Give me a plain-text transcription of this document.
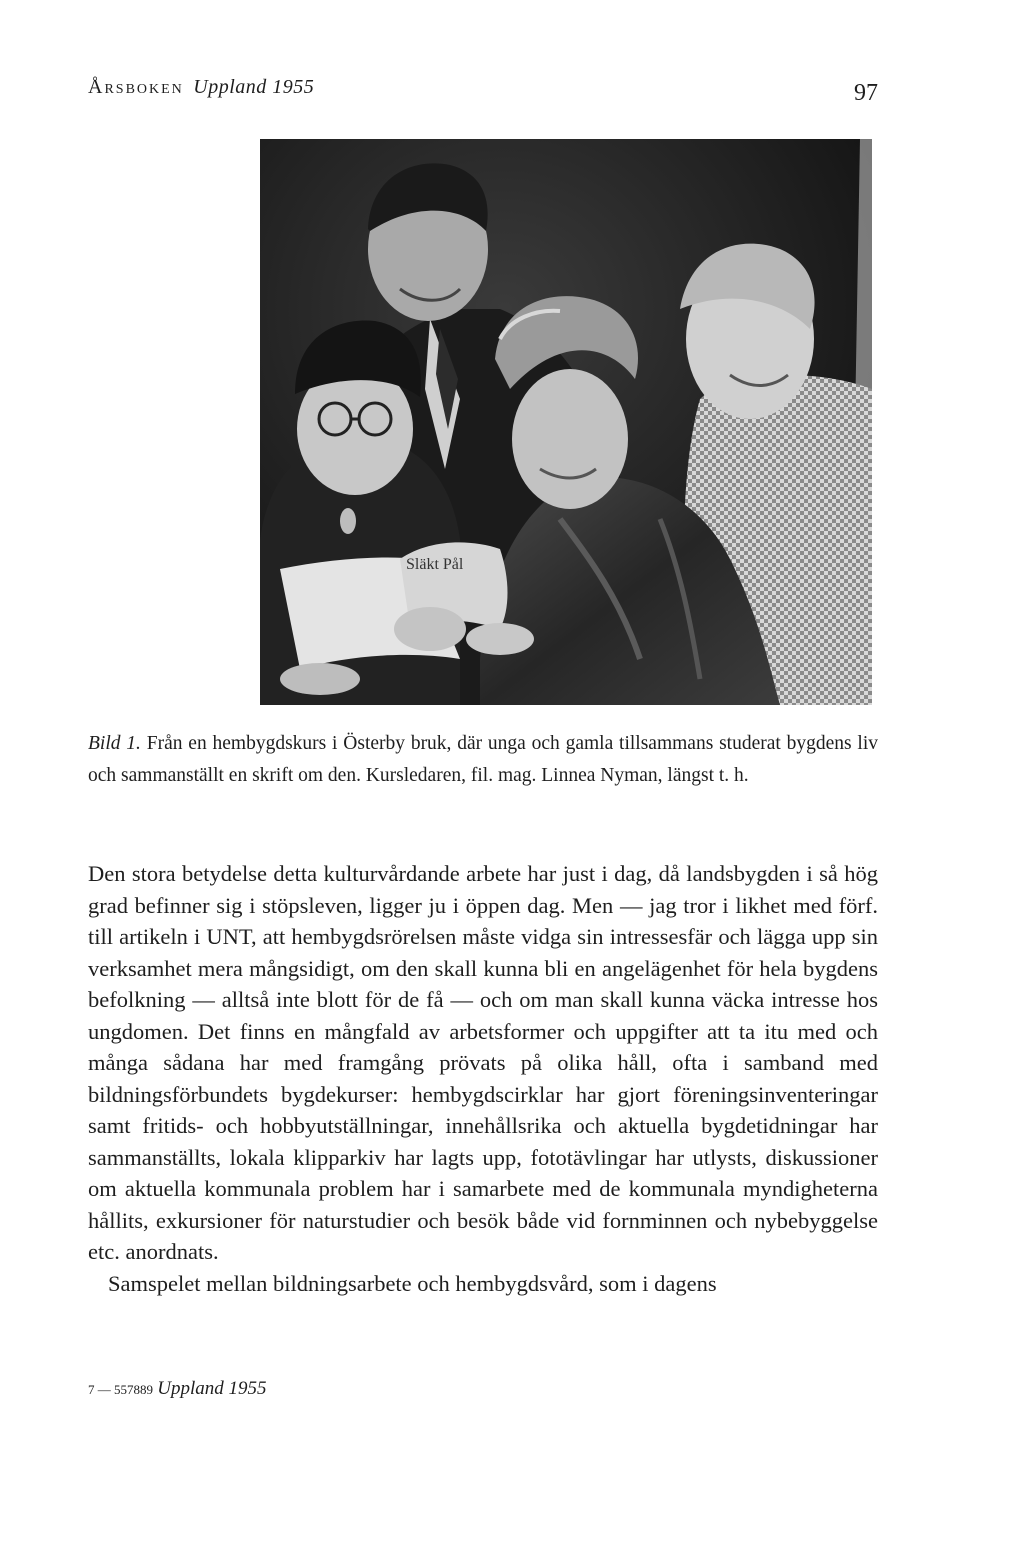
Årsboken Uppland 1955	97
Släkt Pål
Bild 1. Från en hembygdskurs i Österby bruk, där unga och gamla tillsammans studerat bygdens liv och sammanställt en skrift om den. Kursledaren, fil. mag. Linnea Nyman, längst t. h.

Den stora betydelse detta kulturvårdande arbete har just i dag, då landsbygden i så hög grad befinner sig i stöpsleven, ligger ju i öppen dag. Men — jag tror i likhet med förf. till artikeln i UNT, att hembygdsrörelsen måste vidga sin intressesfär och lägga upp sin verksamhet mera mångsidigt, om den skall kunna bli en angelägenhet för hela bygdens befolkning — alltså inte blott för de få — och om man skall kunna väcka intresse hos ungdomen. Det finns en mångfald av arbetsformer och uppgifter att ta itu med och många sådana har med framgång prövats på olika håll, ofta i samband med bildningsförbundets bygdekurser: hembygdscirklar har gjort föreningsinventeringar samt fritids- och hobbyutställningar, innehållsrika och aktuella bygdetidningar har sammanställts, lokala klipparkiv har lagts upp, fototävlingar har utlysts, diskussioner om aktuella kommunala problem har i samarbete med de kommunala myndigheterna hållits, exkursioner för naturstudier och besök både vid fornminnen och nybebyggelse etc. anordnats.

Samspelet mellan bildningsarbete och hembygdsvård, som i dagens

7 — 557889 Uppland 1955
